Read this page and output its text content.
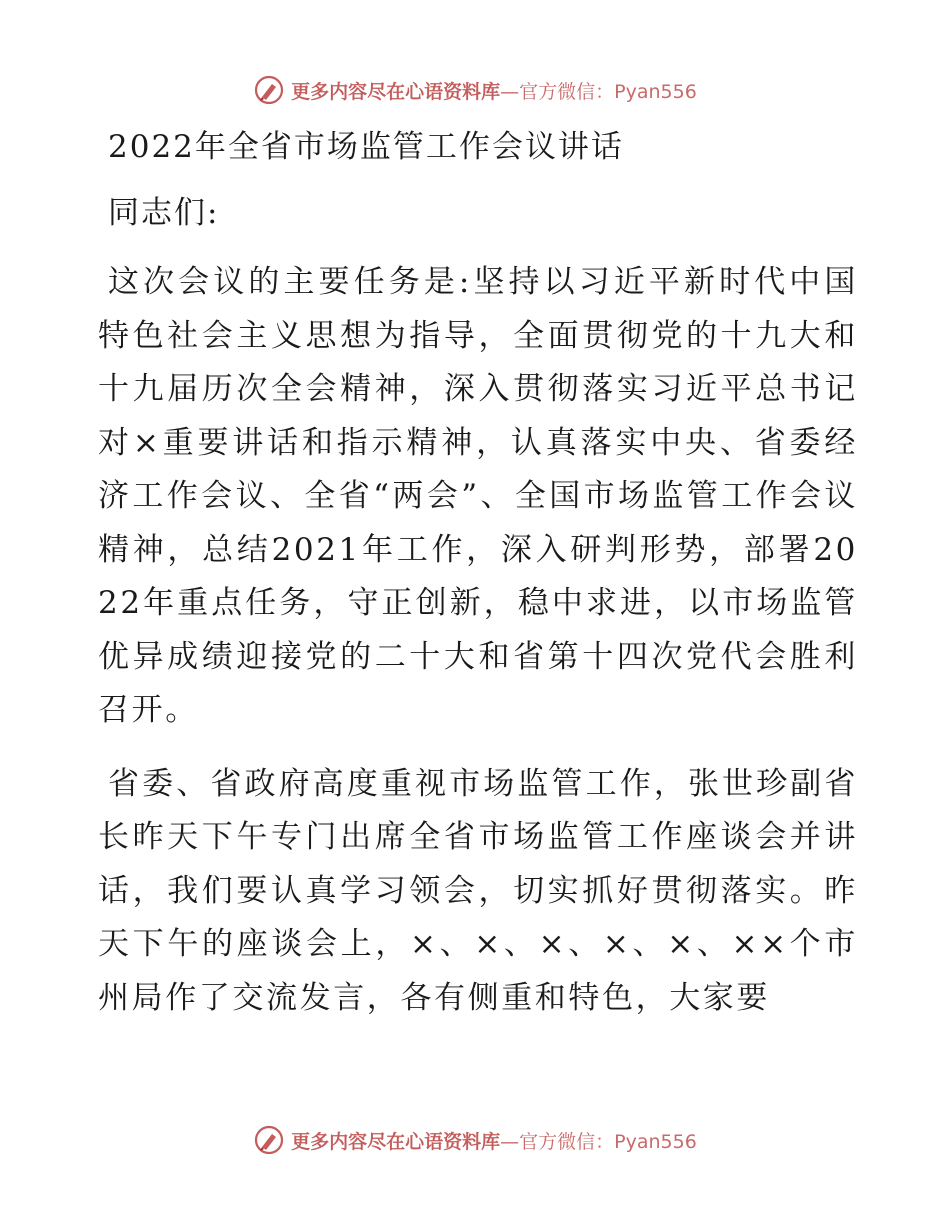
更多内容尽在心语资料库 —官方微信：Pyan556
2022年全省市场监管工作会议讲话
同志们:

这次会议的主要任务是:坚持以习近平新时代中国特色社会主义思想为指导，全面贯彻党的十九大和十九届历次全会精神，深入贯彻落实习近平总书记对×重要讲话和指示精神，认真落实中央、省委经济工作会议、全省“两会”、全国市场监管工作会议精神，总结2021年工作，深入研判形势，部署2022年重点任务，守正创新，稳中求进，以市场监管优异成绩迎接党的二十大和省第十四次党代会胜利召开。

省委、省政府高度重视市场监管工作，张世珍副省长昨天下午专门出席全省市场监管工作座谈会并讲话，我们要认真学习领会，切实抓好贯彻落实。昨天下午的座谈会上，×、×、×、×、×、××个市州局作了交流发言，各有侧重和特色，大家要

更多内容尽在心语资料库 —官方微信：Pyan556
